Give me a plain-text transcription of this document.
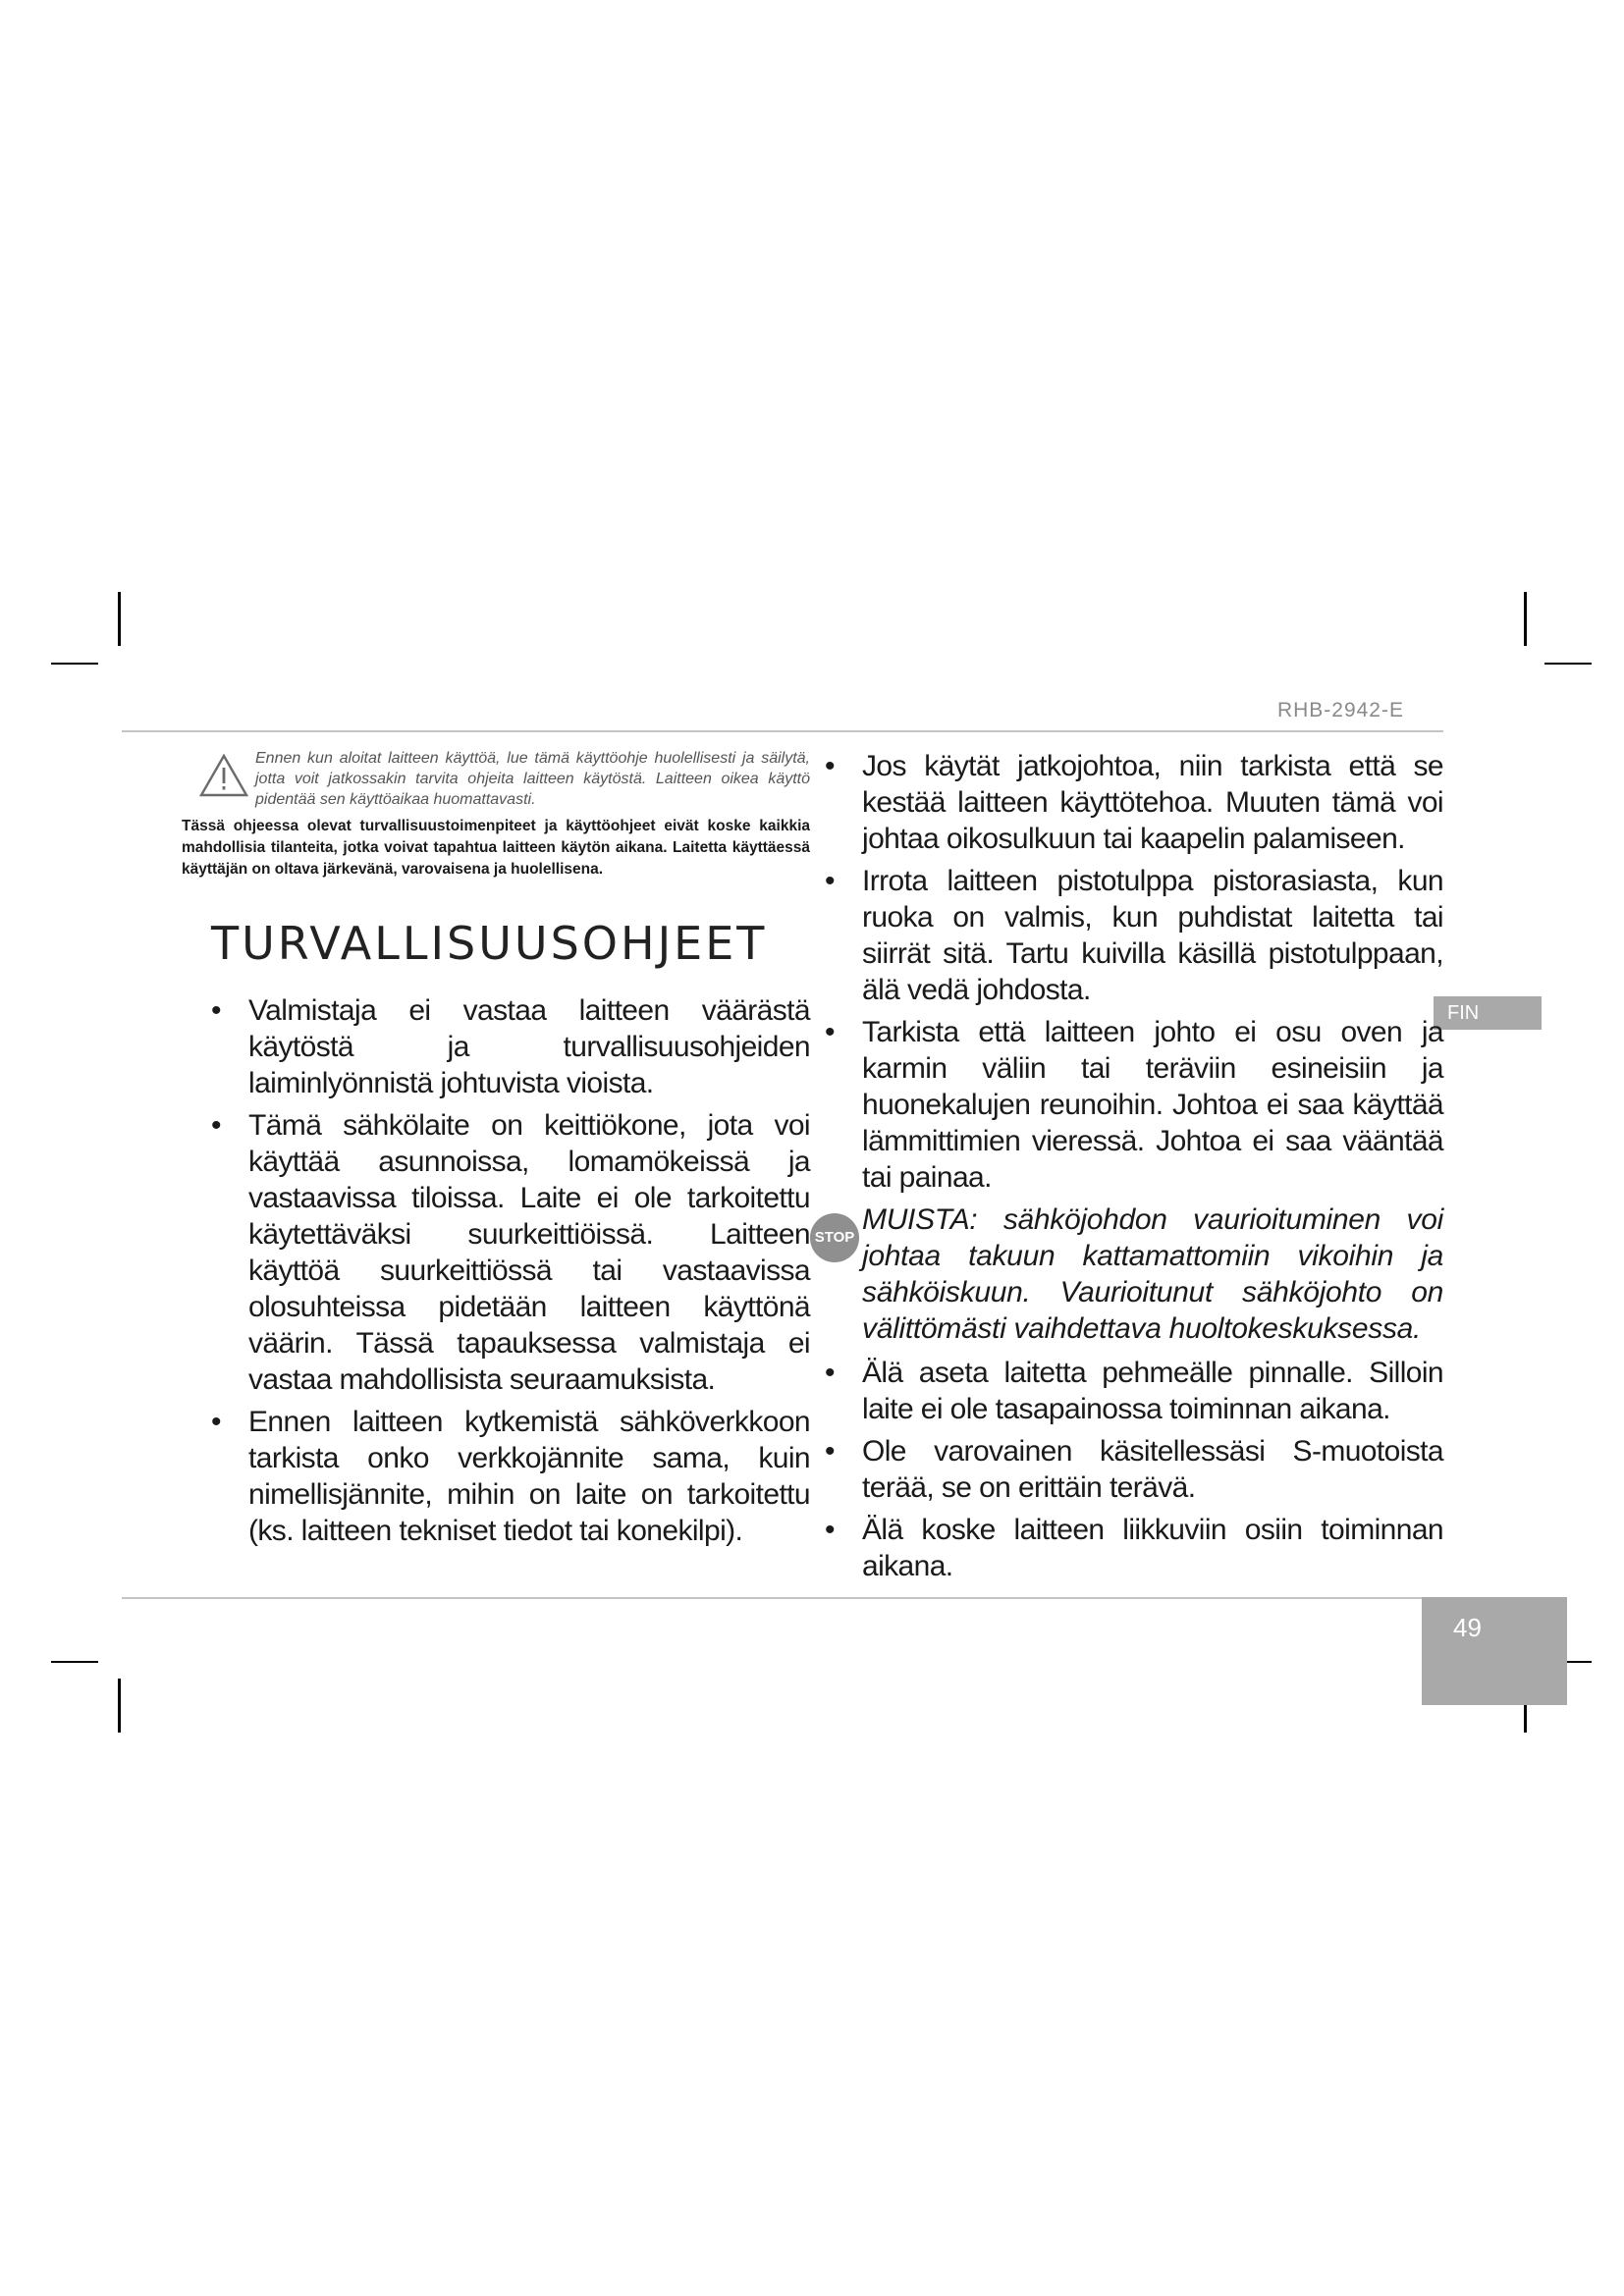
RHB-2942-E
FIN
Ennen kun aloitat laitteen käyttöä, lue tämä käyttöohje huolellisesti ja säilytä, jotta voit jatkossakin tarvita ohjeita laitteen käytöstä. Laitteen oikea käyttö pidentää sen käyttöaikaa huomattavasti.
Tässä ohjeessa olevat turvallisuustoimenpiteet ja käyttöohjeet eivät koske kaikkia mahdollisia tilanteita, jotka voivat tapahtua laitteen käytön aikana. Laitetta käyttäessä käyttäjän on oltava järkevänä, varovaisena ja huolellisena.
TURVALLISUUSOHJEET
• Valmistaja ei vastaa laitteen väärästä käytöstä ja turvallisuusohjeiden laiminlyönnistä johtuvista vioista.
• Tämä sähkölaite on keittiökone, jota voi käyttää asunnoissa, lomamökeissä ja vastaavissa tiloissa. Laite ei ole tarkoitettu käytettäväksi suurkeittiöissä. Laitteen käyttöä suurkeittiössä tai vastaavissa olosuhteissa pidetään laitteen käyttönä väärin. Tässä tapauksessa valmistaja ei vastaa mahdollisista seuraamuksista.
• Ennen laitteen kytkemistä sähköverkkoon tarkista onko verkkojännite sama, kuin nimellisjännite, mihin on laite on tarkoitettu (ks. laitteen tekniset tiedot tai konekilpi).
• Jos käytät jatkojohtoa, niin tarkista että se kestää laitteen käyttötehoa. Muuten tämä voi johtaa oikosulkuun tai kaapelin palamiseen.
• Irrota laitteen pistotulppa pistorasiasta, kun ruoka on valmis, kun puhdistat laitetta tai siirrät sitä. Tartu kuivilla käsillä pistotulppaan, älä vedä johdosta.
• Tarkista että laitteen johto ei osu oven ja karmin väliin tai teräviin esineisiin ja huonekalujen reunoihin. Johtoa ei saa käyttää lämmittimien vieressä. Johtoa ei saa vääntää tai painaa.
STOP
MUISTA: sähköjohdon vaurioituminen voi johtaa takuun kattamattomiin vikoihin ja sähköiskuun. Vaurioitunut sähköjohto on välittömästi vaihdettava huoltokeskuksessa.
• Älä aseta laitetta pehmeälle pinnalle. Silloin laite ei ole tasapainossa toiminnan aikana.
• Ole varovainen käsitellessäsi S-muotoista terää, se on erittäin terävä.
• Älä koske laitteen liikkuviin osiin toiminnan aikana.
49
